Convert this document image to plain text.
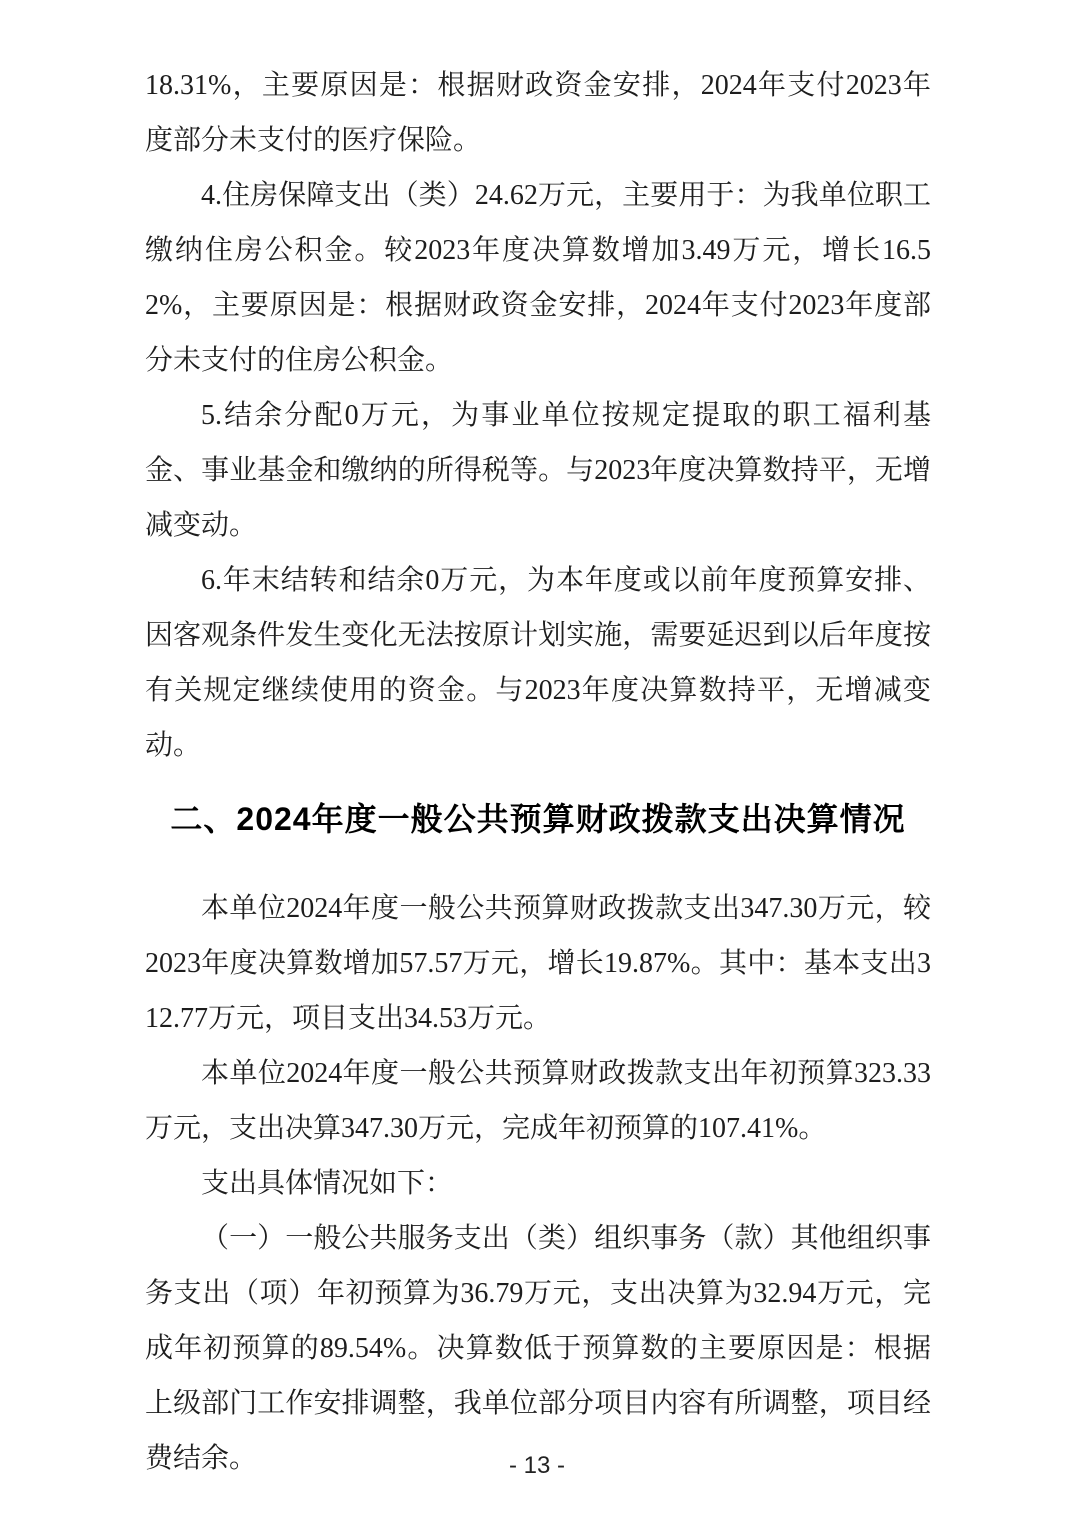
18.31%，主要原因是：根据财政资金安排，2024年支付2023年度部分未支付的医疗保险。

4.住房保障支出（类）24.62万元，主要用于：为我单位职工缴纳住房公积金。较2023年度决算数增加3.49万元，增长16.52%，主要原因是：根据财政资金安排，2024年支付2023年度部分未支付的住房公积金。

5.结余分配0万元，为事业单位按规定提取的职工福利基金、事业基金和缴纳的所得税等。与2023年度决算数持平，无增减变动。

6.年末结转和结余0万元，为本年度或以前年度预算安排、因客观条件发生变化无法按原计划实施，需要延迟到以后年度按有关规定继续使用的资金。与2023年度决算数持平，无增减变动。

二、2024年度一般公共预算财政拨款支出决算情况

本单位2024年度一般公共预算财政拨款支出347.30万元，较2023年度决算数增加57.57万元，增长19.87%。其中：基本支出312.77万元，项目支出34.53万元。

本单位2024年度一般公共预算财政拨款支出年初预算323.33万元，支出决算347.30万元，完成年初预算的107.41%。

支出具体情况如下：

（一）一般公共服务支出（类）组织事务（款）其他组织事务支出（项）年初预算为36.79万元，支出决算为32.94万元，完成年初预算的89.54%。决算数低于预算数的主要原因是：根据上级部门工作安排调整，我单位部分项目内容有所调整，项目经费结余。	- 13 -
